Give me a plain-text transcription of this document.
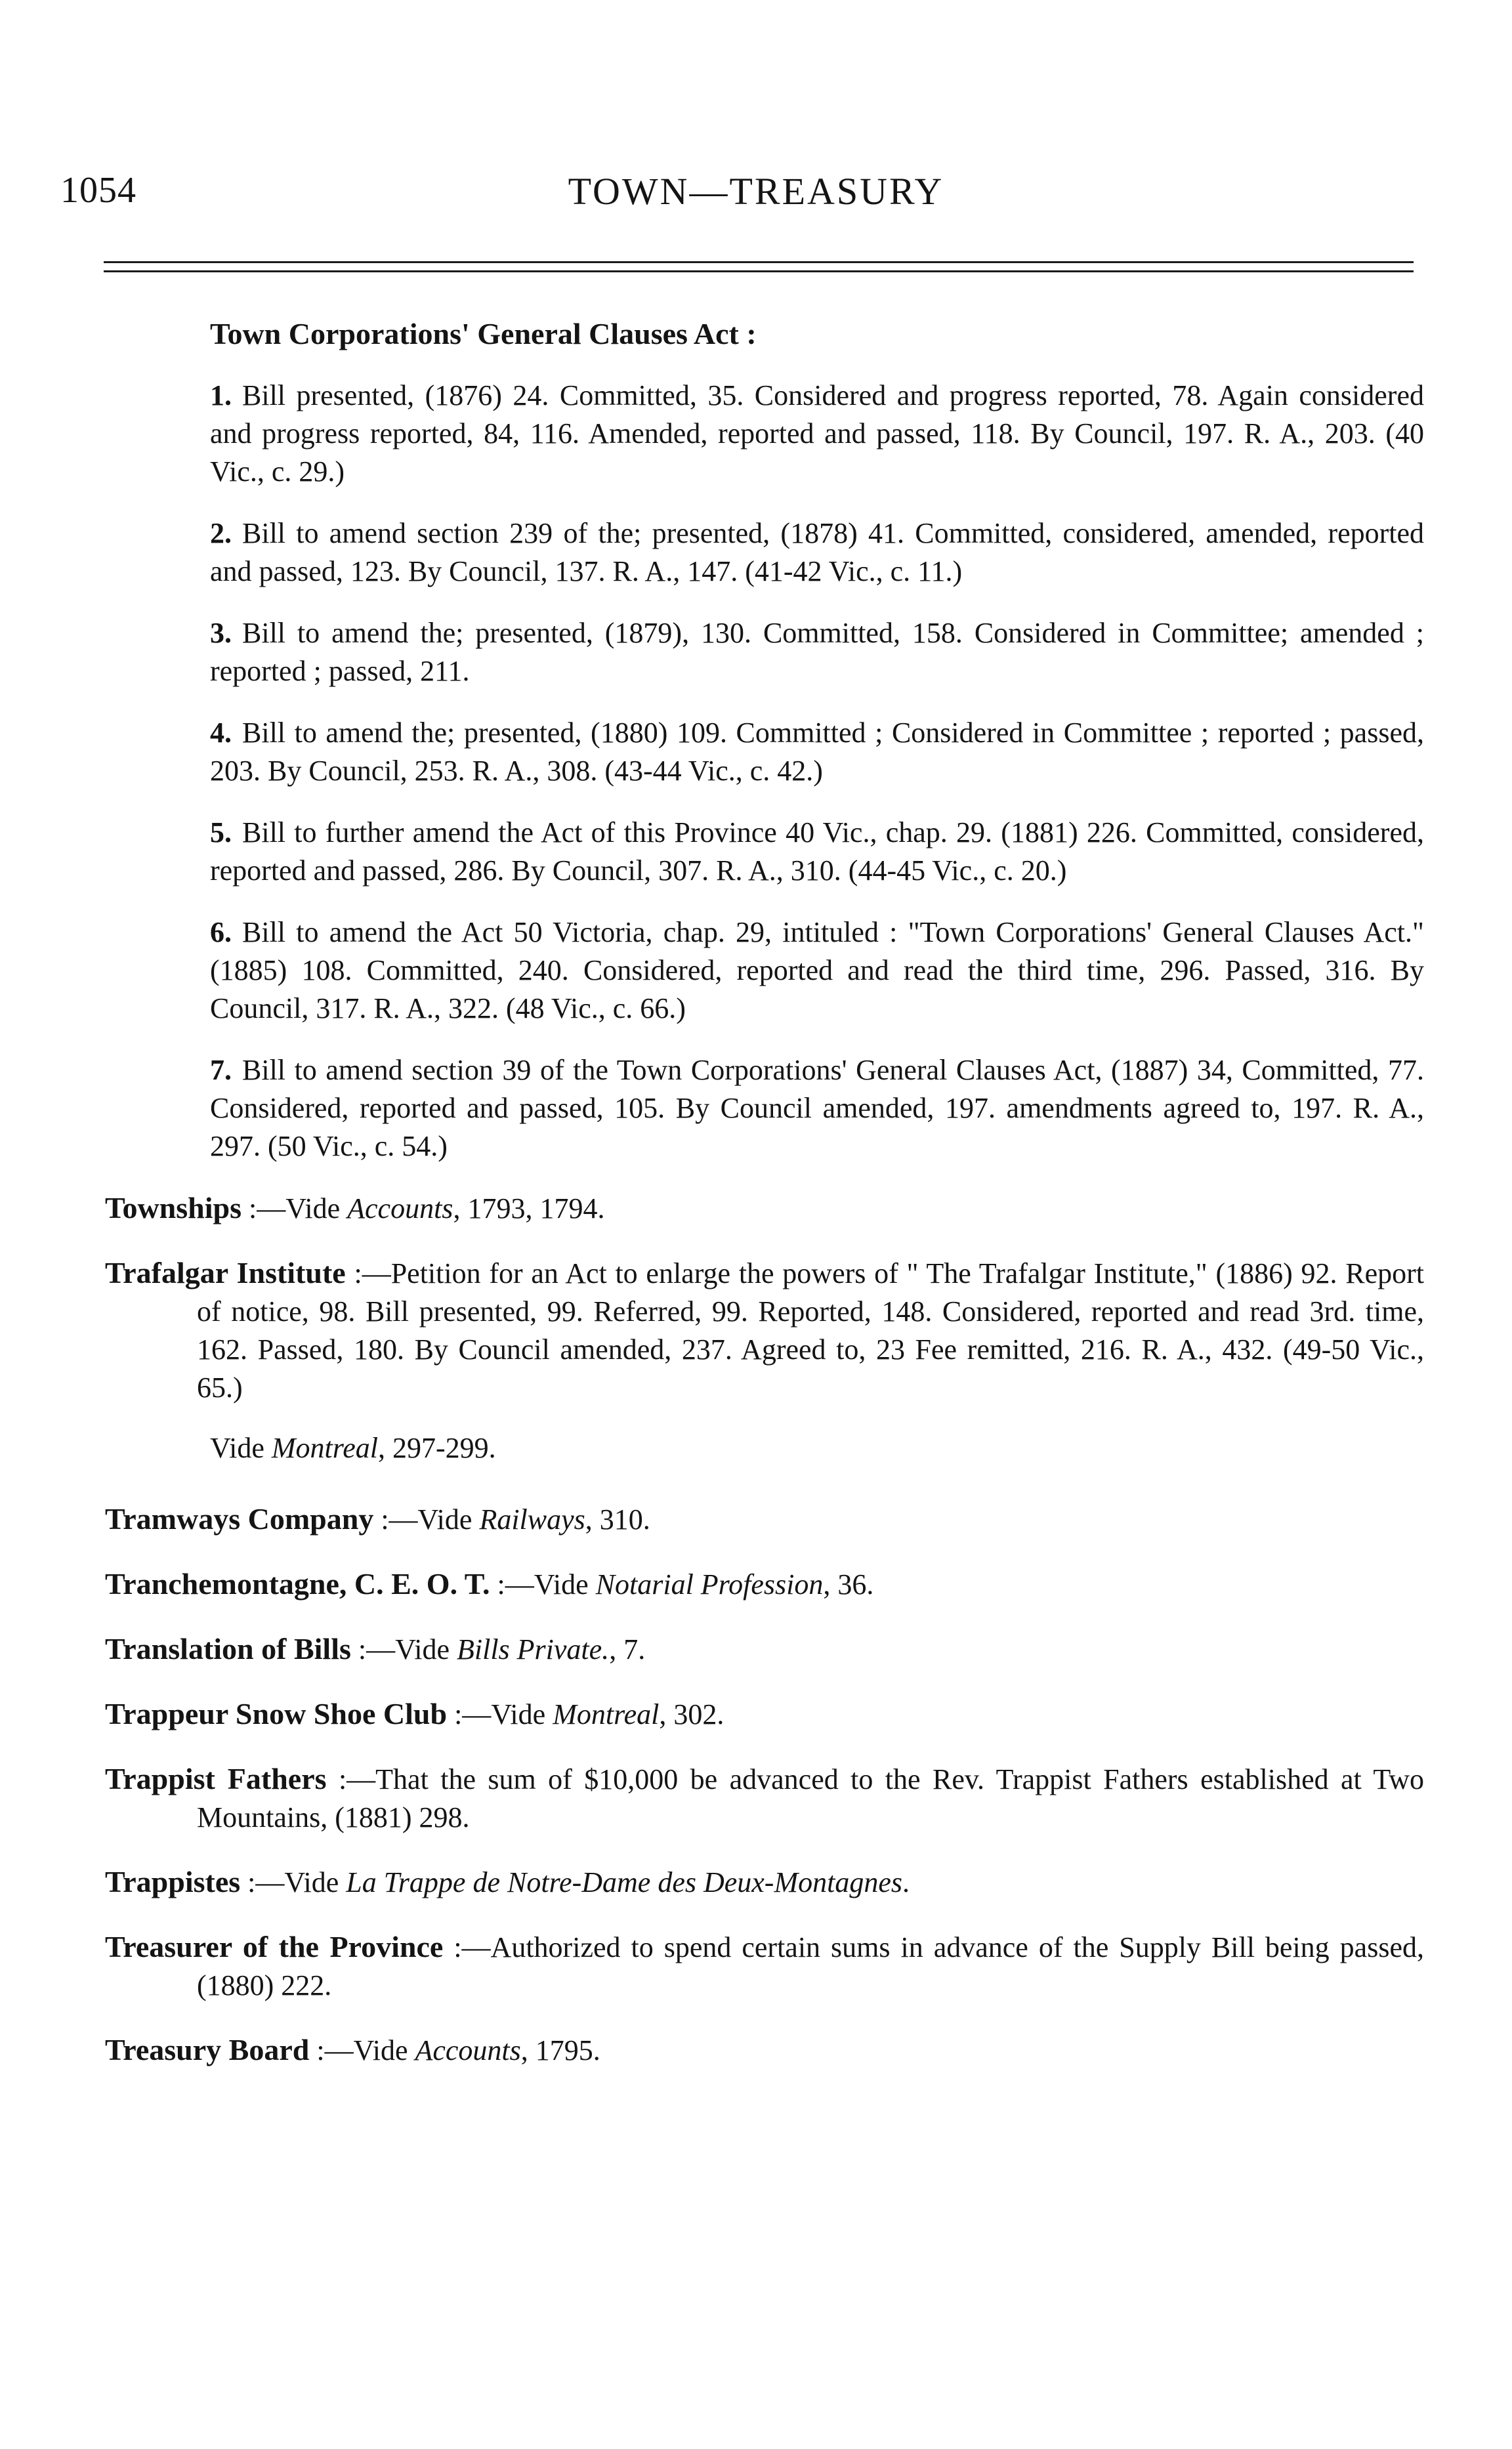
1054	TOWN—TREASURY
Town Corporations' General Clauses Act :
1. Bill presented, (1876) 24. Committed, 35. Considered and progress reported, 78. Again considered and progress reported, 84, 116. Amended, reported and passed, 118. By Council, 197. R. A., 203. (40 Vic., c. 29.)
2. Bill to amend section 239 of the; presented, (1878) 41. Committed, considered, amended, reported and passed, 123. By Council, 137. R. A., 147. (41-42 Vic., c. 11.)
3. Bill to amend the; presented, (1879), 130. Committed, 158. Considered in Committee; amended ; reported ; passed, 211.
4. Bill to amend the; presented, (1880) 109. Committed ; Considered in Committee ; reported ; passed, 203. By Council, 253. R. A., 308. (43-44 Vic., c. 42.)
5. Bill to further amend the Act of this Province 40 Vic., chap. 29. (1881) 226. Committed, considered, reported and passed, 286. By Council, 307. R. A., 310. (44-45 Vic., c. 20.)
6. Bill to amend the Act 50 Victoria, chap. 29, intituled : "Town Corporations' General Clauses Act." (1885) 108. Committed, 240. Considered, reported and read the third time, 296. Passed, 316. By Council, 317. R. A., 322. (48 Vic., c. 66.)
7. Bill to amend section 39 of the Town Corporations' General Clauses Act, (1887) 34, Committed, 77. Considered, reported and passed, 105. By Council amended, 197. amendments agreed to, 197. R. A., 297. (50 Vic., c. 54.)
Townships :—Vide Accounts, 1793, 1794.
Trafalgar Institute :—Petition for an Act to enlarge the powers of " The Trafalgar Institute," (1886) 92. Report of notice, 98. Bill presented, 99. Referred, 99. Reported, 148. Considered, reported and read 3rd. time, 162. Passed, 180. By Council amended, 237. Agreed to, 23 Fee remitted, 216. R. A., 432. (49-50 Vic., 65.)
Vide Montreal, 297-299.
Tramways Company :—Vide Railways, 310.
Tranchemontagne, C. E. O. T. :—Vide Notarial Profession, 36.
Translation of Bills :—Vide Bills Private., 7.
Trappeur Snow Shoe Club :—Vide Montreal, 302.
Trappist Fathers :—That the sum of $10,000 be advanced to the Rev. Trappist Fathers established at Two Mountains, (1881) 298.
Trappistes :—Vide La Trappe de Notre-Dame des Deux-Montagnes.
Treasurer of the Province :—Authorized to spend certain sums in advance of the Supply Bill being passed, (1880) 222.
Treasury Board :—Vide Accounts, 1795.
